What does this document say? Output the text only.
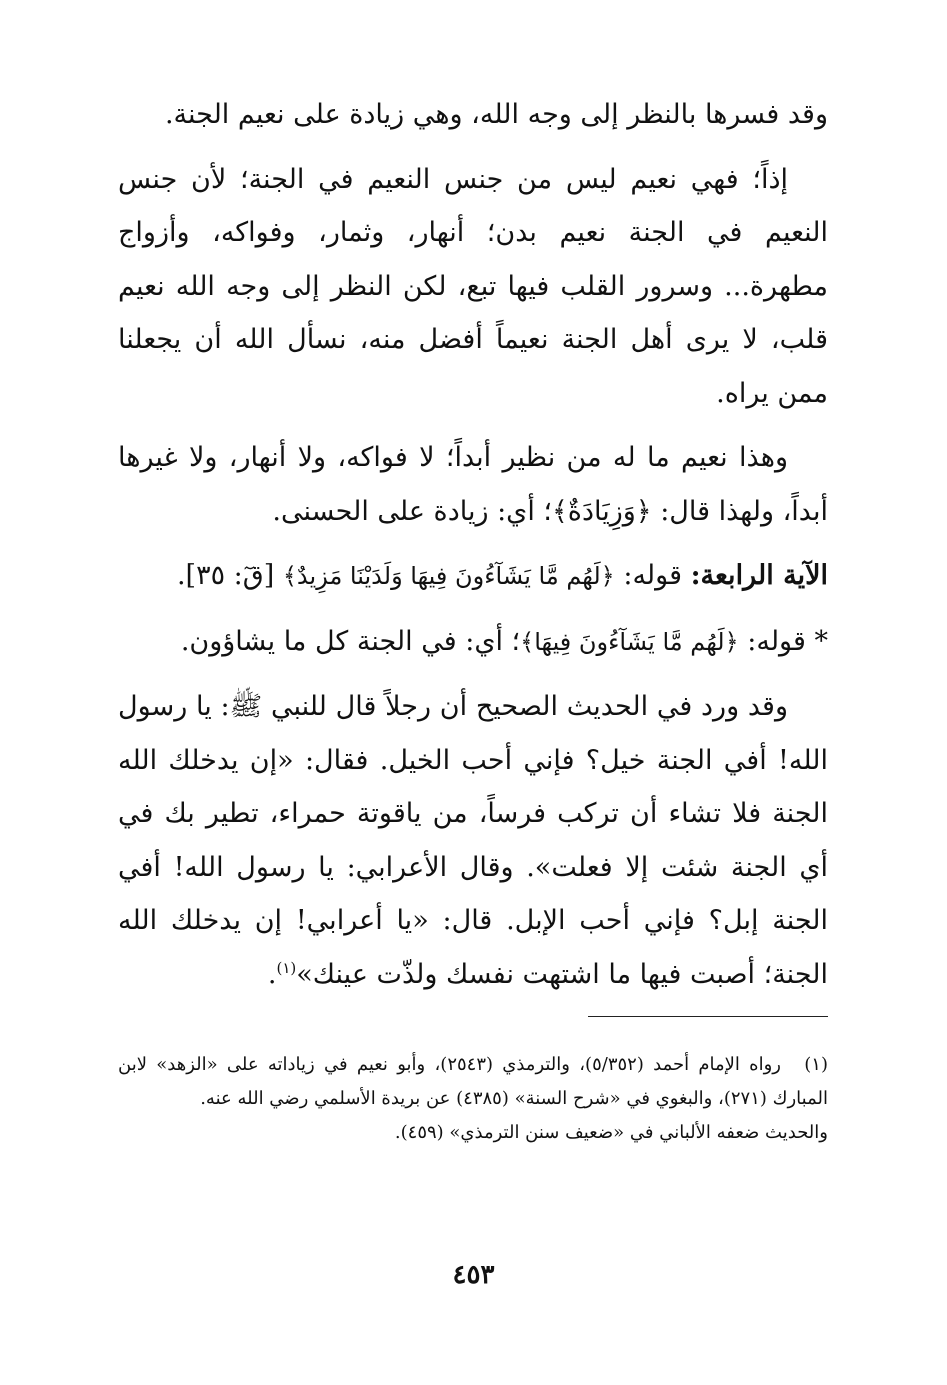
وقد فسرها بالنظر إلى وجه الله، وهي زيادة على نعيم الجنة.

إذاً؛ فهي نعيم ليس من جنس النعيم في الجنة؛ لأن جنس النعيم في الجنة نعيم بدن؛ أنهار، وثمار، وفواكه، وأزواج مطهرة... وسرور القلب فيها تبع، لكن النظر إلى وجه الله نعيم قلب، لا يرى أهل الجنة نعيماً أفضل منه، نسأل الله أن يجعلنا ممن يراه.

وهذا نعيم ما له من نظير أبداً؛ لا فواكه، ولا أنهار، ولا غيرها أبداً، ولهذا قال: ﴿وَزِيَادَةٌ﴾؛ أي: زيادة على الحسنى.

الآية الرابعة: قوله: ﴿لَهُم مَّا يَشَآءُونَ فِيهَا وَلَدَيْنَا مَزِيدٌ﴾ [قٓ: ٣٥].

* قوله: ﴿لَهُم مَّا يَشَآءُونَ فِيهَا﴾؛ أي: في الجنة كل ما يشاؤون.

وقد ورد في الحديث الصحيح أن رجلاً قال للنبي ﷺ: يا رسول الله! أفي الجنة خيل؟ فإني أحب الخيل. فقال: «إن يدخلك الله الجنة فلا تشاء أن تركب فرساً، من ياقوتة حمراء، تطير بك في أي الجنة شئت إلا فعلت». وقال الأعرابي: يا رسول الله! أفي الجنة إبل؟ فإني أحب الإبل. قال: «يا أعرابي! إن يدخلك الله الجنة؛ أصبت فيها ما اشتهت نفسك ولذّت عينك»$^{(١)}$.

(١) رواه الإمام أحمد (٥/٣٥٢)، والترمذي (٢٥٤٣)، وأبو نعيم في زياداته على «الزهد» لابن المبارك (٢٧١)، والبغوي في «شرح السنة» (٤٣٨٥) عن بريدة الأسلمي رضي الله عنه.

والحديث ضعفه الألباني في «ضعيف سنن الترمذي» (٤٥٩).

٤٥٣
